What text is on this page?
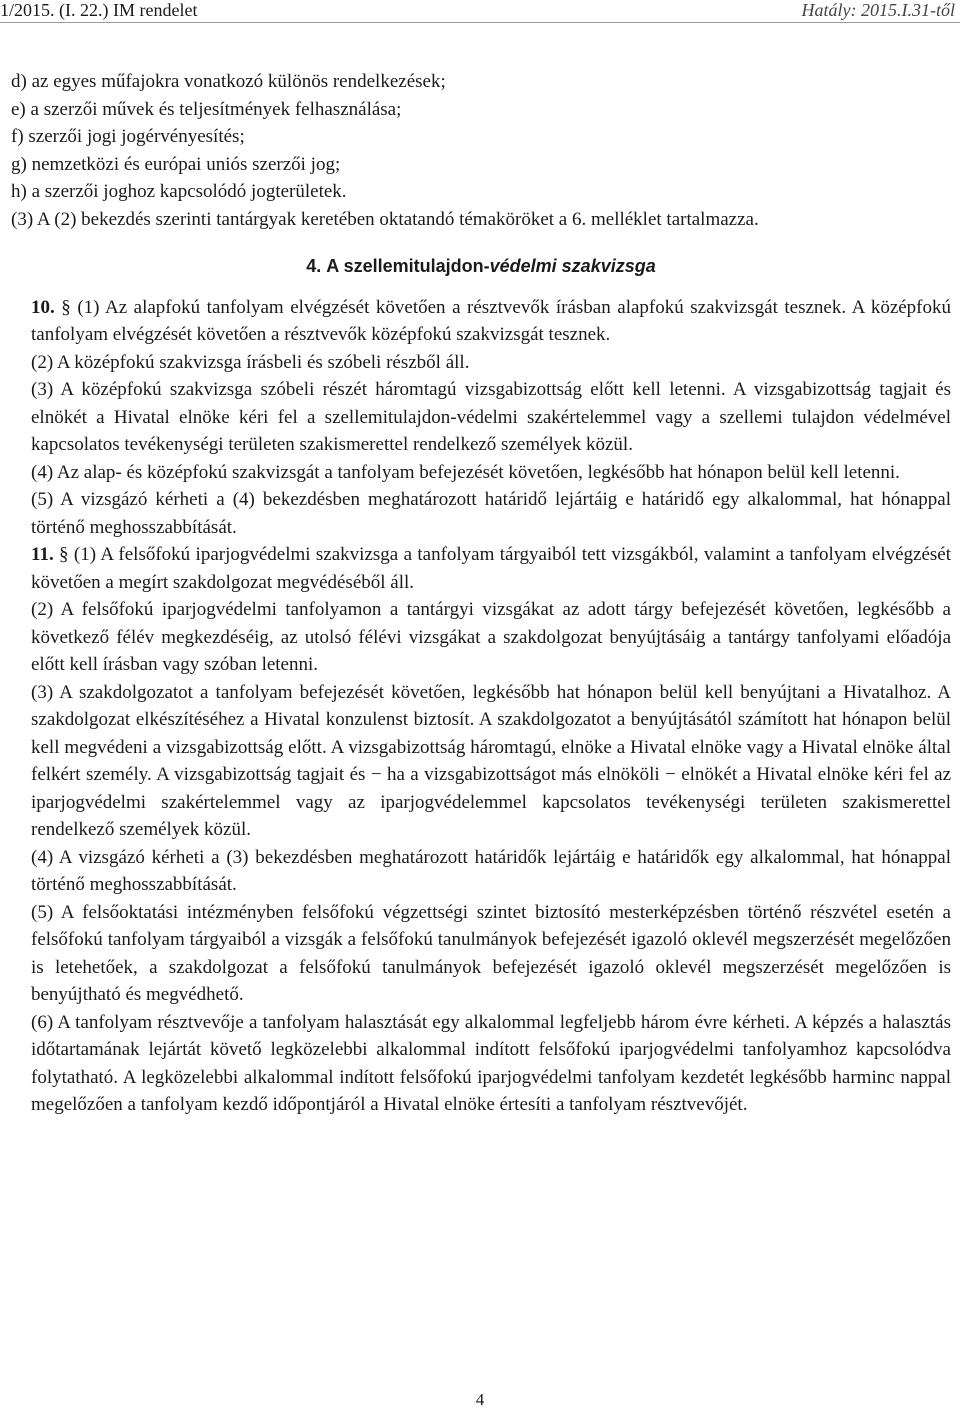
1/2015. (I. 22.) IM rendelet	Hatály: 2015.I.31-től

d) az egyes műfajokra vonatkozó különös rendelkezések;

e) a szerzői művek és teljesítmények felhasználása;

f) szerzői jogi jogérvényesítés;

g) nemzetközi és európai uniós szerzői jog;

h) a szerzői joghoz kapcsolódó jogterületek.

(3) A (2) bekezdés szerinti tantárgyak keretében oktatandó témaköröket a 6. melléklet tartalmazza.

4. A szellemitulajdon-védelmi szakvizsga

10. § (1) Az alapfokú tanfolyam elvégzését követően a résztvevők írásban alapfokú szakvizsgát tesznek. A középfokú tanfolyam elvégzését követően a résztvevők középfokú szakvizsgát tesznek.

(2) A középfokú szakvizsga írásbeli és szóbeli részből áll.

(3) A középfokú szakvizsga szóbeli részét háromtagú vizsgabizottság előtt kell letenni. A vizsgabizottság tagjait és elnökét a Hivatal elnöke kéri fel a szellemitulajdon-védelmi szakértelemmel vagy a szellemi tulajdon védelmével kapcsolatos tevékenységi területen szakismerettel rendelkező személyek közül.

(4) Az alap- és középfokú szakvizsgát a tanfolyam befejezését követően, legkésőbb hat hónapon belül kell letenni.

(5) A vizsgázó kérheti a (4) bekezdésben meghatározott határidő lejártáig e határidő egy alkalommal, hat hónappal történő meghosszabbítását.

11. § (1) A felsőfokú iparjogvédelmi szakvizsga a tanfolyam tárgyaiból tett vizsgákból, valamint a tanfolyam elvégzését követően a megírt szakdolgozat megvédéséből áll.

(2) A felsőfokú iparjogvédelmi tanfolyamon a tantárgyi vizsgákat az adott tárgy befejezését követően, legkésőbb a következő félév megkezdéséig, az utolsó félévi vizsgákat a szakdolgozat benyújtásáig a tantárgy tanfolyami előadója előtt kell írásban vagy szóban letenni.

(3) A szakdolgozatot a tanfolyam befejezését követően, legkésőbb hat hónapon belül kell benyújtani a Hivatalhoz. A szakdolgozat elkészítéséhez a Hivatal konzulenst biztosít. A szakdolgozatot a benyújtásától számított hat hónapon belül kell megvédeni a vizsgabizottság előtt. A vizsgabizottság háromtagú, elnöke a Hivatal elnöke vagy a Hivatal elnöke által felkért személy. A vizsgabizottság tagjait és − ha a vizsgabizottságot más elnököli − elnökét a Hivatal elnöke kéri fel az iparjogvédelmi szakértelemmel vagy az iparjogvédelemmel kapcsolatos tevékenységi területen szakismerettel rendelkező személyek közül.

(4) A vizsgázó kérheti a (3) bekezdésben meghatározott határidők lejártáig e határidők egy alkalommal, hat hónappal történő meghosszabbítását.

(5) A felsőoktatási intézményben felsőfokú végzettségi szintet biztosító mesterképzésben történő részvétel esetén a felsőfokú tanfolyam tárgyaiból a vizsgák a felsőfokú tanulmányok befejezését igazoló oklevél megszerzését megelőzően is letehetőek, a szakdolgozat a felsőfokú tanulmányok befejezését igazoló oklevél megszerzését megelőzően is benyújtható és megvédhető.

(6) A tanfolyam résztvevője a tanfolyam halasztását egy alkalommal legfeljebb három évre kérheti. A képzés a halasztás időtartamának lejártát követő legközelebbi alkalommal indított felsőfokú iparjogvédelmi tanfolyamhoz kapcsolódva folytatható. A legközelebbi alkalommal indított felsőfokú iparjogvédelmi tanfolyam kezdetét legkésőbb harminc nappal megelőzően a tanfolyam kezdő időpontjáról a Hivatal elnöke értesíti a tanfolyam résztvevőjét.

4
